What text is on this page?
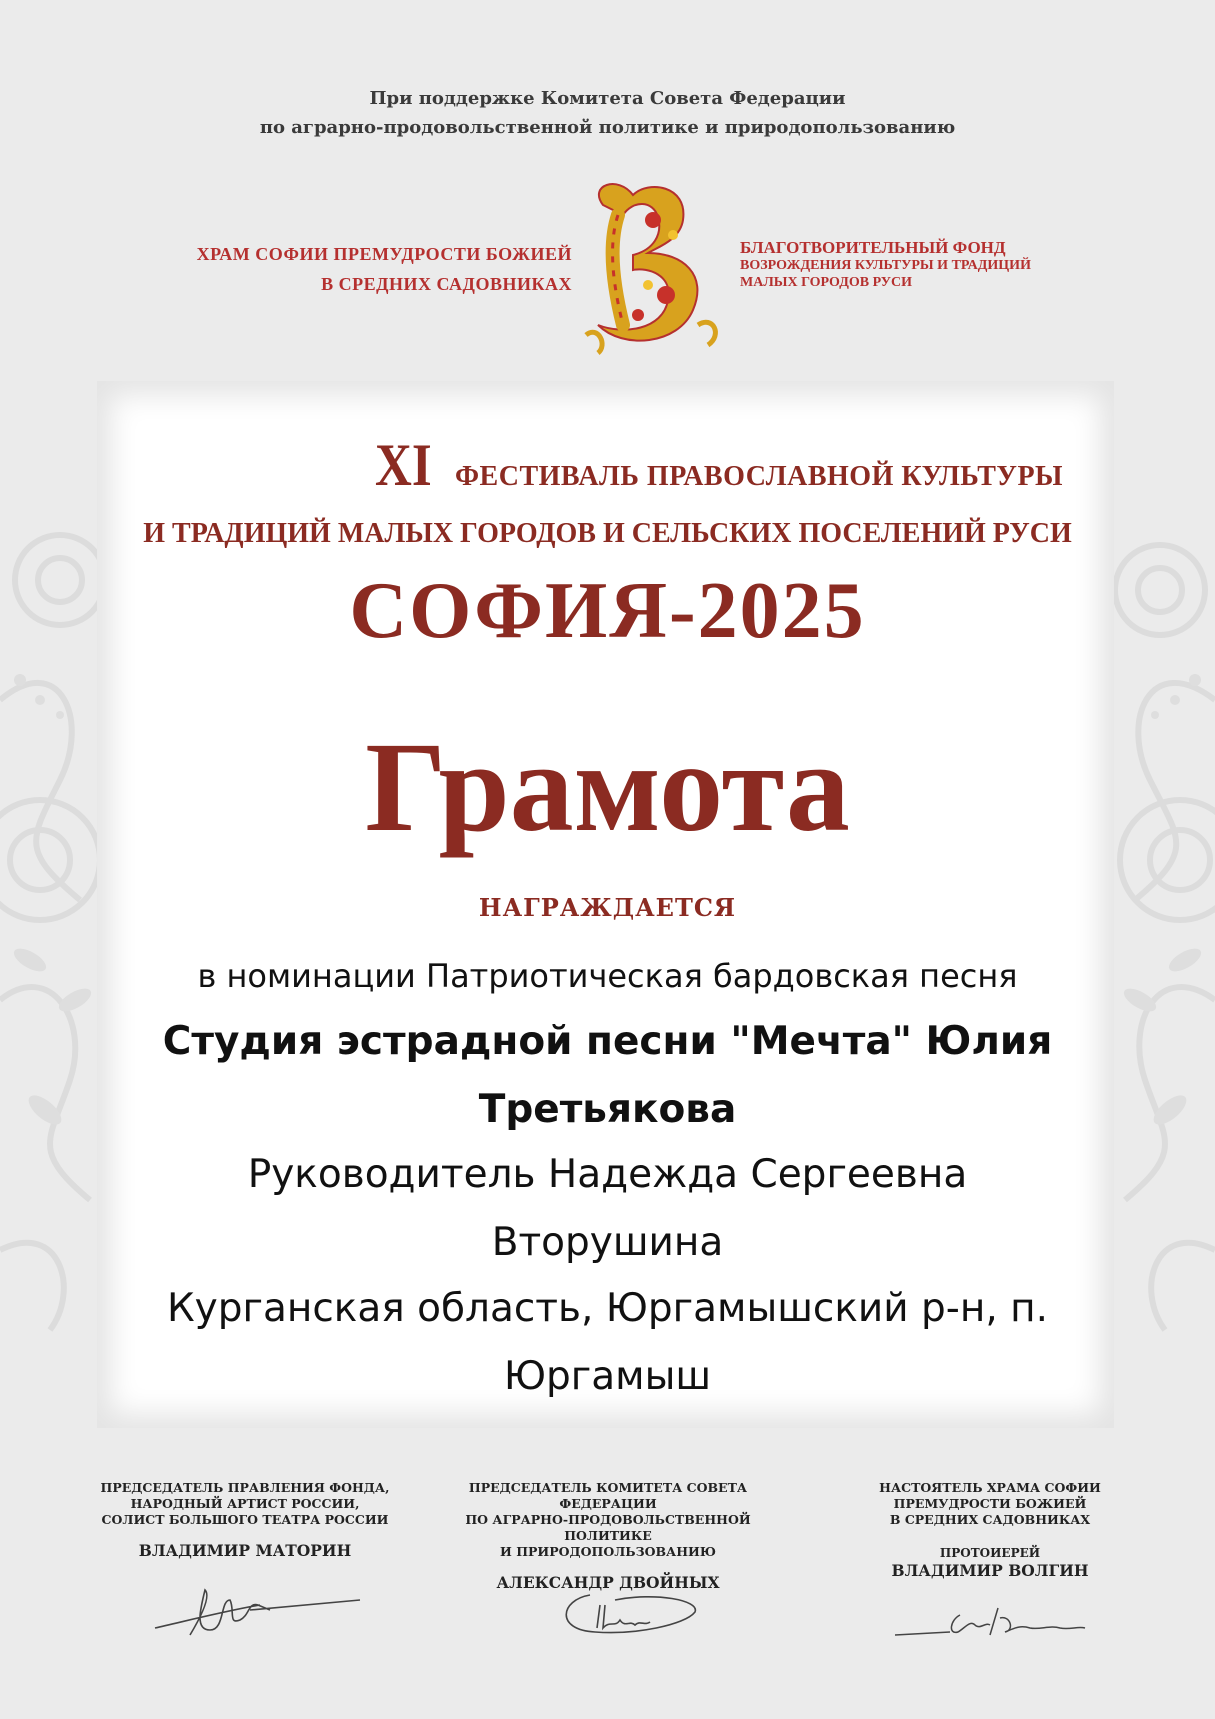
При поддержке Комитета Совета Федерации
по аграрно-продовольственной политике и природопользованию
ХРАМ СОФИИ ПРЕМУДРОСТИ БОЖИЕЙ
В СРЕДНИХ САДОВНИКАХ
БЛАГОТВОРИТЕЛЬНЫЙ ФОНД
ВОЗРОЖДЕНИЯ КУЛЬТУРЫ И ТРАДИЦИЙ
МАЛЫХ ГОРОДОВ РУСИ
XI ФЕСТИВАЛЬ ПРАВОСЛАВНОЙ КУЛЬТУРЫ
И ТРАДИЦИЙ МАЛЫХ ГОРОДОВ И СЕЛЬСКИХ ПОСЕЛЕНИЙ РУСИ
СОФИЯ-2025
Грамота
НАГРАЖДАЕТСЯ
в номинации Патриотическая бардовская песня
Студия эстрадной песни "Мечта" Юлия Третьякова
Руководитель Надежда Сергеевна Вторушина
Курганская область, Юргамышский р-н, п. Юргамыш
ПРЕДСЕДАТЕЛЬ ПРАВЛЕНИЯ ФОНДА,
НАРОДНЫЙ АРТИСТ РОССИИ,
СОЛИСТ БОЛЬШОГО ТЕАТРА РОССИИ
ВЛАДИМИР МАТОРИН
ПРЕДСЕДАТЕЛЬ КОМИТЕТА СОВЕТА ФЕДЕРАЦИИ
ПО АГРАРНО-ПРОДОВОЛЬСТВЕННОЙ ПОЛИТИКЕ
И ПРИРОДОПОЛЬЗОВАНИЮ
АЛЕКСАНДР ДВОЙНЫХ
НАСТОЯТЕЛЬ ХРАМА СОФИИ
ПРЕМУДРОСТИ БОЖИЕЙ
В СРЕДНИХ САДОВНИКАХ
ПРОТОИЕРЕЙ
ВЛАДИМИР ВОЛГИН
